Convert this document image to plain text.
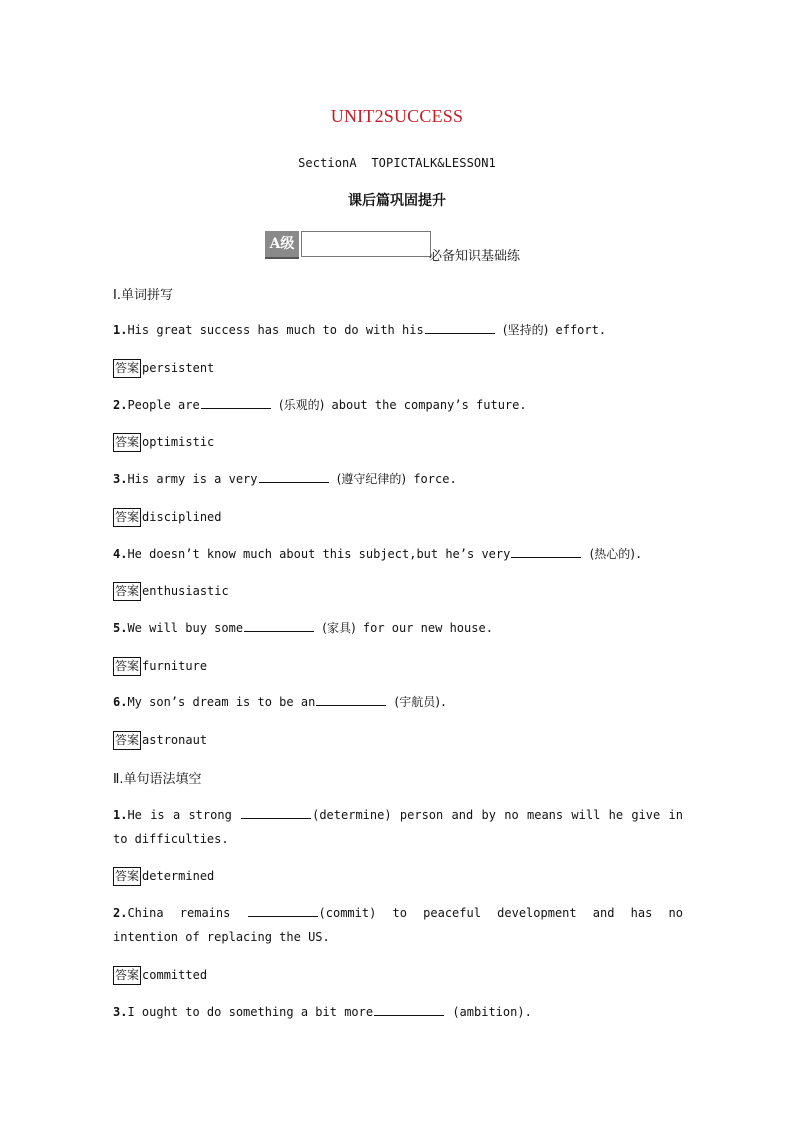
UNIT2SUCCESS
SectionA  TOPICTALK&LESSON1
课后篇巩固提升
A级
必备知识基础练
Ⅰ.单词拼写
1.His great success has much to do with his	(坚持的) effort.
答案 persistent
2.People are	(乐观的) about the company’s future.
答案 optimistic
3.His army is a very	(遵守纪律的) force.
答案 disciplined
4.He doesn’t know much about this subject,but he’s very	(热心的).
答案 enthusiastic
5.We will buy some	(家具) for our new house.
答案 furniture
6.My son’s dream is to be an	(宇航员).
答案 astronaut
Ⅱ.单句语法填空
1.He is a strong	(determine) person and by no means will he give in to difficulties.
答案 determined
2.China remains	(commit) to peaceful development and has no intention of replacing the US.
答案 committed
3.I ought to do something a bit more	(ambition).
